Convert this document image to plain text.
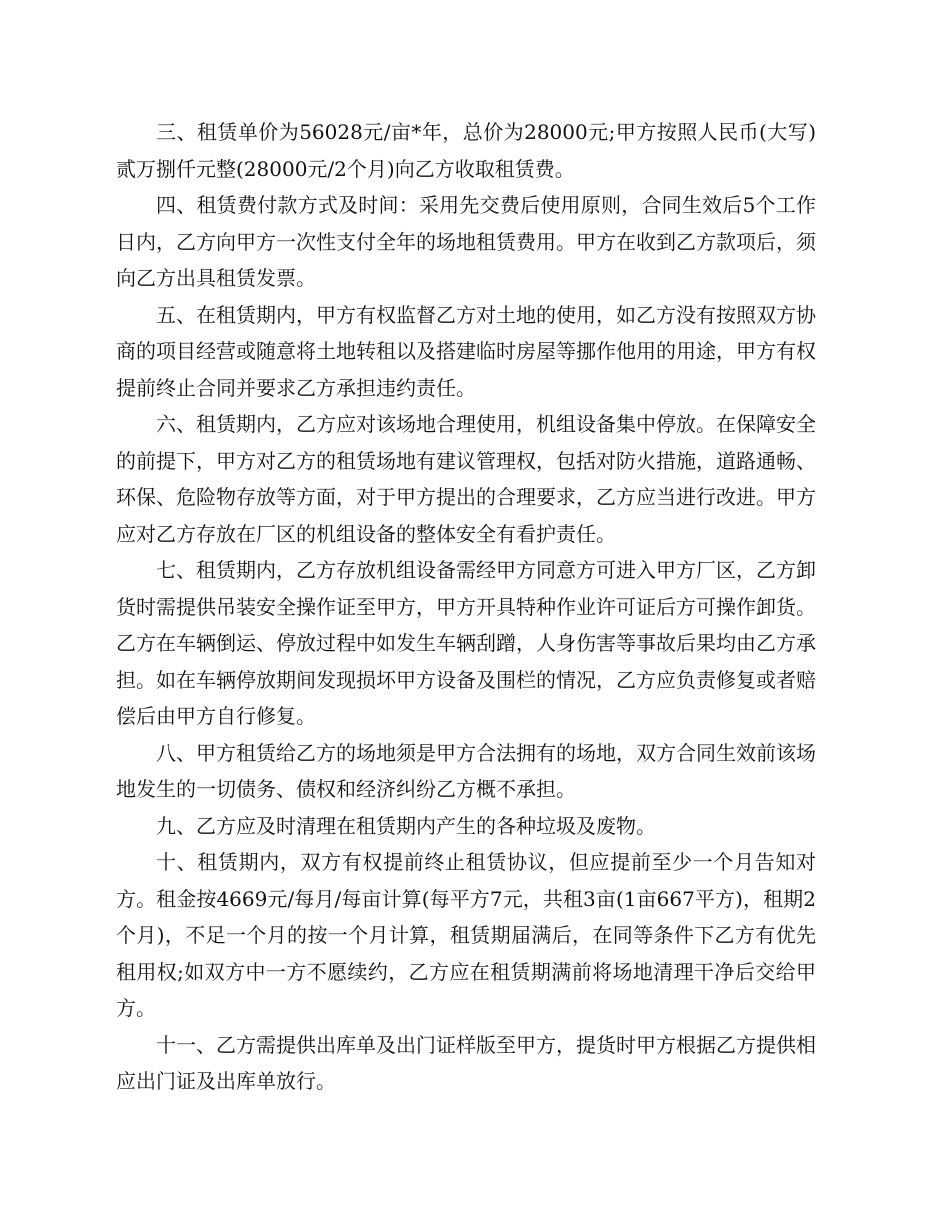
三、租赁单价为56028元/亩*年，总价为28000元;甲方按照人民币(大写)贰万捌仟元整(28000元/2个月)向乙方收取租赁费。

四、租赁费付款方式及时间：采用先交费后使用原则，合同生效后5个工作日内，乙方向甲方一次性支付全年的场地租赁费用。甲方在收到乙方款项后，须向乙方出具租赁发票。

五、在租赁期内，甲方有权监督乙方对土地的使用，如乙方没有按照双方协商的项目经营或随意将土地转租以及搭建临时房屋等挪作他用的用途，甲方有权提前终止合同并要求乙方承担违约责任。

六、租赁期内，乙方应对该场地合理使用，机组设备集中停放。在保障安全的前提下，甲方对乙方的租赁场地有建议管理权，包括对防火措施，道路通畅、环保、危险物存放等方面，对于甲方提出的合理要求，乙方应当进行改进。甲方应对乙方存放在厂区的机组设备的整体安全有看护责任。

七、租赁期内，乙方存放机组设备需经甲方同意方可进入甲方厂区，乙方卸货时需提供吊装安全操作证至甲方，甲方开具特种作业许可证后方可操作卸货。乙方在车辆倒运、停放过程中如发生车辆刮蹭，人身伤害等事故后果均由乙方承担。如在车辆停放期间发现损坏甲方设备及围栏的情况，乙方应负责修复或者赔偿后由甲方自行修复。

八、甲方租赁给乙方的场地须是甲方合法拥有的场地，双方合同生效前该场地发生的一切债务、债权和经济纠纷乙方概不承担。

九、乙方应及时清理在租赁期内产生的各种垃圾及废物。

十、租赁期内，双方有权提前终止租赁协议，但应提前至少一个月告知对方。租金按4669元/每月/每亩计算(每平方7元，共租3亩(1亩667平方)，租期2个月)，不足一个月的按一个月计算，租赁期届满后，在同等条件下乙方有优先租用权;如双方中一方不愿续约，乙方应在租赁期满前将场地清理干净后交给甲方。

十一、乙方需提供出库单及出门证样版至甲方，提货时甲方根据乙方提供相应出门证及出库单放行。
